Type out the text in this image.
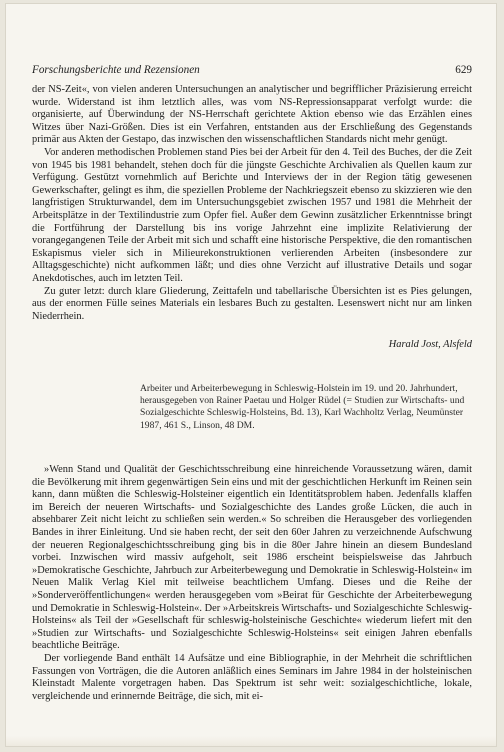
Forschungsberichte und Rezensionen	629

der NS-Zeit«, von vielen anderen Untersuchungen an analytischer und begrifflicher Präzisierung erreicht wurde. Widerstand ist ihm letztlich alles, was vom NS-Repressionsapparat verfolgt wurde: die organisierte, auf Überwindung der NS-Herrschaft gerichtete Aktion ebenso wie das Erzählen eines Witzes über Nazi-Größen. Dies ist ein Verfahren, entstanden aus der Erschließung des Gegenstands primär aus Akten der Gestapo, das inzwischen den wissenschaftlichen Standards nicht mehr genügt.

Vor anderen methodischen Problemen stand Pies bei der Arbeit für den 4. Teil des Buches, der die Zeit von 1945 bis 1981 behandelt, stehen doch für die jüngste Geschichte Archivalien als Quellen kaum zur Verfügung. Gestützt vornehmlich auf Berichte und Interviews der in der Region tätig gewesenen Gewerkschafter, gelingt es ihm, die speziellen Probleme der Nachkriegszeit ebenso zu skizzieren wie den langfristigen Strukturwandel, dem im Untersuchungsgebiet zwischen 1957 und 1981 die Mehrheit der Arbeitsplätze in der Textilindustrie zum Opfer fiel. Außer dem Gewinn zusätzlicher Erkenntnisse bringt die Fortführung der Darstellung bis ins vorige Jahrzehnt eine implizite Relativierung der vorangegangenen Teile der Arbeit mit sich und schafft eine historische Perspektive, die den romantischen Eskapismus vieler sich in Milieurekonstruktionen verlierenden Arbeiten (insbesondere zur Alltagsgeschichte) nicht aufkommen läßt; und dies ohne Verzicht auf illustrative Details und sogar Anekdotisches, auch im letzten Teil.

Zu guter letzt: durch klare Gliederung, Zeittafeln und tabellarische Übersichten ist es Pies gelungen, aus der enormen Fülle seines Materials ein lesbares Buch zu gestalten. Lesenswert nicht nur am linken Niederrhein.

Harald Jost, Alsfeld
Arbeiter und Arbeiterbewegung in Schleswig-Holstein im 19. und 20. Jahrhundert, herausgegeben von Rainer Paetau und Holger Rüdel (= Studien zur Wirtschafts- und Sozialgeschichte Schleswig-Holsteins, Bd. 13), Karl Wachholtz Verlag, Neumünster 1987, 461 S., Linson, 48 DM.

»Wenn Stand und Qualität der Geschichtsschreibung eine hinreichende Voraussetzung wären, damit die Bevölkerung mit ihrem gegenwärtigen Sein eins und mit der geschichtlichen Herkunft im Reinen sein kann, dann müßten die Schleswig-Holsteiner eigentlich ein Identitätsproblem haben. Jedenfalls klaffen im Bereich der neueren Wirtschafts- und Sozialgeschichte des Landes große Lücken, die auch in absehbarer Zeit nicht leicht zu schließen sein werden.« So schreiben die Herausgeber des vorliegenden Bandes in ihrer Einleitung. Und sie haben recht, der seit den 60er Jahren zu verzeichnende Aufschwung der neueren Regionalgeschichtsschreibung ging bis in die 80er Jahre hinein an diesem Bundesland vorbei. Inzwischen wird massiv aufgeholt, seit 1986 erscheint beispielsweise das Jahrbuch »Demokratische Geschichte, Jahrbuch zur Arbeiterbewegung und Demokratie in Schleswig-Holstein« im Neuen Malik Verlag Kiel mit teilweise beachtlichem Umfang. Dieses und die Reihe der »Sonderveröffentlichungen« werden herausgegeben vom »Beirat für Geschichte der Arbeiterbewegung und Demokratie in Schleswig-Holstein«. Der »Arbeitskreis Wirtschafts- und Sozialgeschichte Schleswig-Holsteins« als Teil der »Gesellschaft für schleswig-holsteinische Geschichte« wiederum liefert mit den »Studien zur Wirtschafts- und Sozialgeschichte Schleswig-Holsteins« seit einigen Jahren ebenfalls beachtliche Beiträge.

Der vorliegende Band enthält 14 Aufsätze und eine Bibliographie, in der Mehrheit die schriftlichen Fassungen von Vorträgen, die die Autoren anläßlich eines Seminars im Jahre 1984 in der holsteinischen Kleinstadt Malente vorgetragen haben. Das Spektrum ist sehr weit: sozialgeschichtliche, lokale, vergleichende und erinnernde Beiträge, die sich, mit ei-
